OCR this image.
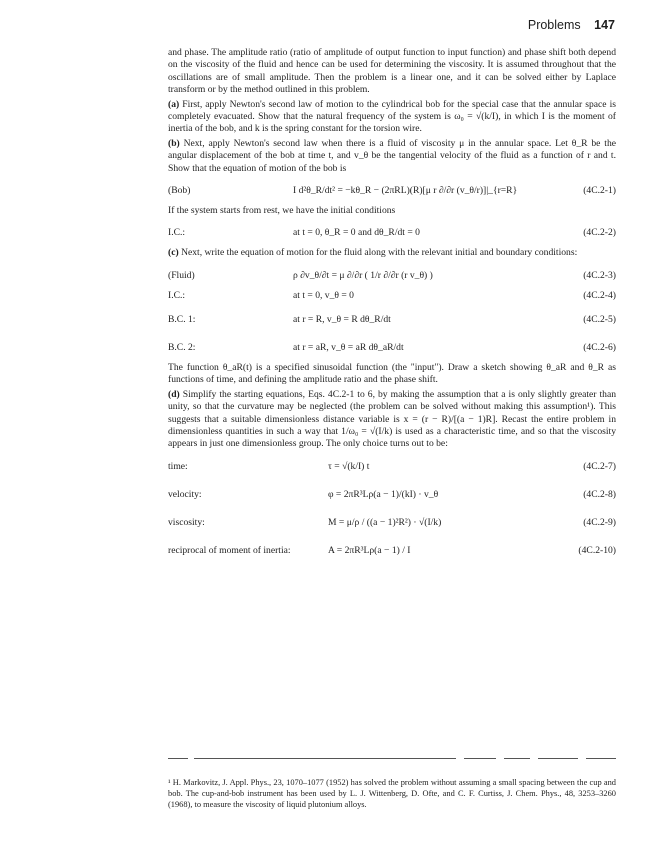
Problems 147

and phase. The amplitude ratio (ratio of amplitude of output function to input function) and phase shift both depend on the viscosity of the fluid and hence can be used for determining the viscosity. It is assumed throughout that the oscillations are of small amplitude. Then the problem is a linear one, and it can be solved either by Laplace transform or by the method outlined in this problem.

(a) First, apply Newton's second law of motion to the cylindrical bob for the special case that the annular space is completely evacuated. Show that the natural frequency of the system is ω₀ = √(k/I), in which I is the moment of inertia of the bob, and k is the spring constant for the torsion wire.

(b) Next, apply Newton's second law when there is a fluid of viscosity μ in the annular space. Let θ_R be the angular displacement of the bob at time t, and v_θ be the tangential velocity of the fluid as a function of r and t. Show that the equation of motion of the bob is

(Bob)	I d²θ_R/dt² = −kθ_R − (2πRL)(R)[μ r ∂/∂r (v_θ/r)]|_{r=R}	(4C.2-1)

If the system starts from rest, we have the initial conditions

I.C.:	at t = 0, θ_R = 0 and dθ_R/dt = 0	(4C.2-2)

(c) Next, write the equation of motion for the fluid along with the relevant initial and boundary conditions:

(Fluid)	ρ ∂v_θ/∂t = μ ∂/∂r ( 1/r ∂/∂r (r v_θ) )	(4C.2-3)
I.C.:	at t = 0, v_θ = 0	(4C.2-4)
B.C. 1:	at r = R, v_θ = R dθ_R/dt	(4C.2-5)
B.C. 2:	at r = aR, v_θ = aR dθ_aR/dt	(4C.2-6)

The function θ_aR(t) is a specified sinusoidal function (the "input"). Draw a sketch showing θ_aR and θ_R as functions of time, and defining the amplitude ratio and the phase shift.

(d) Simplify the starting equations, Eqs. 4C.2-1 to 6, by making the assumption that a is only slightly greater than unity, so that the curvature may be neglected (the problem can be solved without making this assumption¹). This suggests that a suitable dimensionless distance variable is x = (r − R)/[(a − 1)R]. Recast the entire problem in dimensionless quantities in such a way that 1/ω₀ = √(I/k) is used as a characteristic time, and so that the viscosity appears in just one dimensionless group. The only choice turns out to be:

time:	τ = √(k/I) t	(4C.2-7)
velocity:	φ = 2πR³Lρ(a − 1)/(kI) · v_θ	(4C.2-8)
viscosity:	M = μ/ρ / ((a − 1)²R²) · √(I/k)	(4C.2-9)
reciprocal of moment of inertia:	A = 2πR³Lρ(a − 1) / I	(4C.2-10)

¹ H. Markovitz, J. Appl. Phys., 23, 1070–1077 (1952) has solved the problem without assuming a small spacing between the cup and bob. The cup-and-bob instrument has been used by L. J. Wittenberg, D. Ofte, and C. F. Curtiss, J. Chem. Phys., 48, 3253–3260 (1968), to measure the viscosity of liquid plutonium alloys.
